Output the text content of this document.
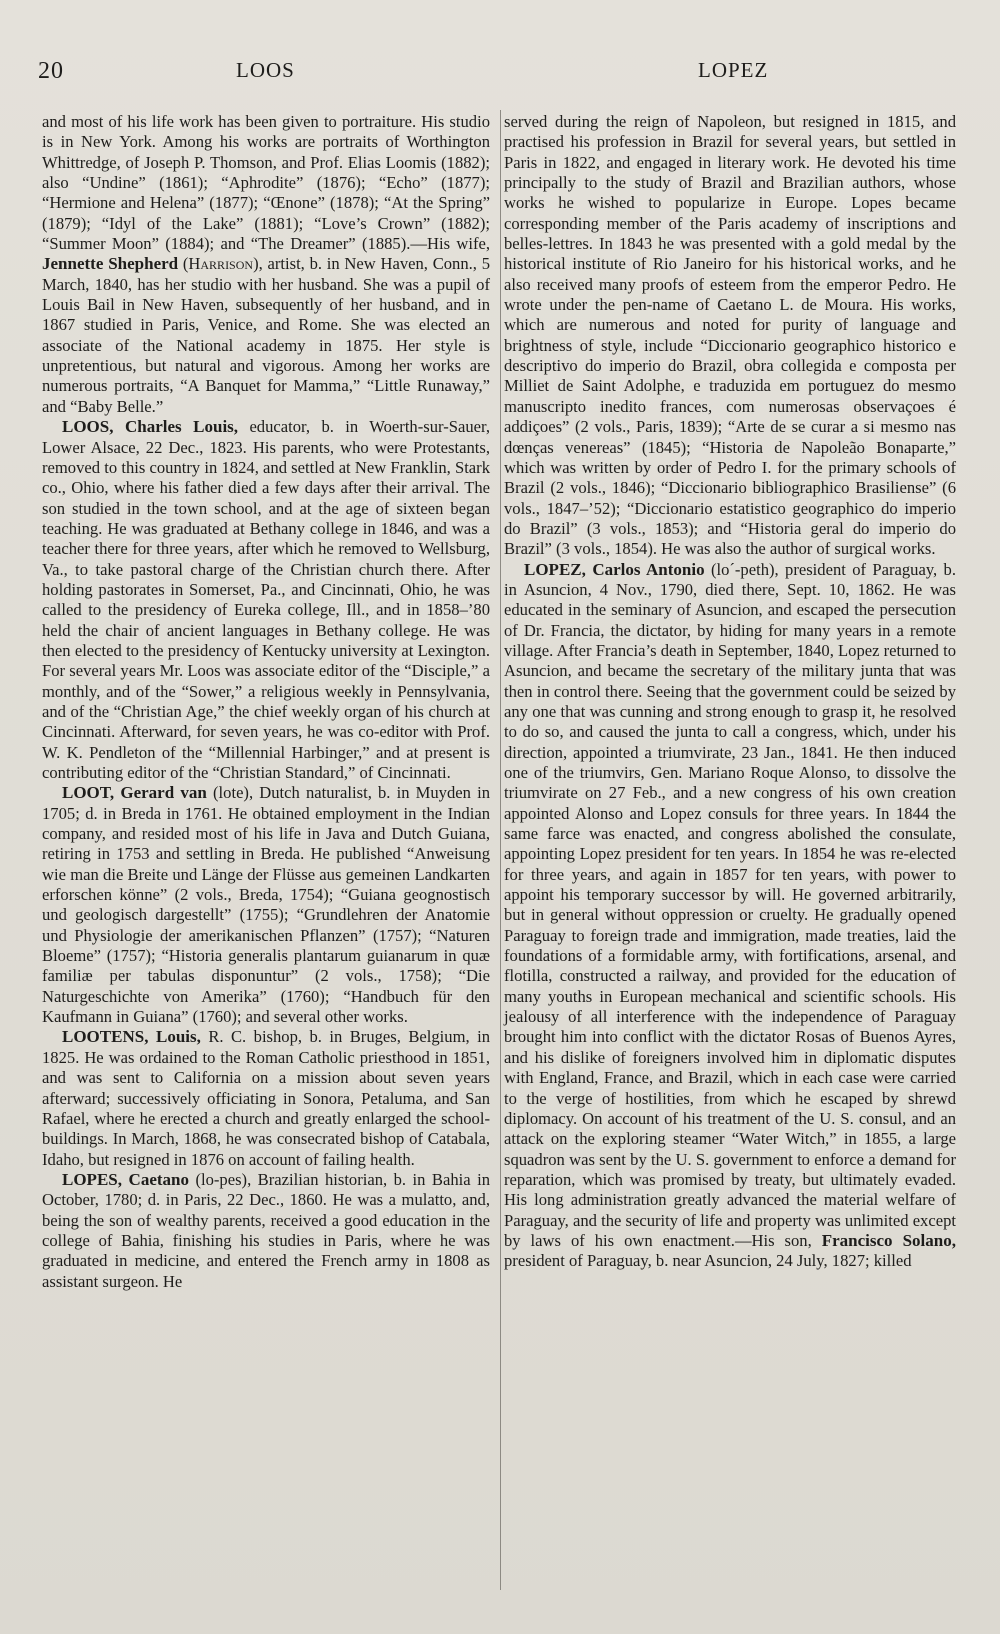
20	LOOS	LOPEZ

and most of his life work has been given to portraiture. His studio is in New York. Among his works are portraits of Worthington Whittredge, of Joseph P. Thomson, and Prof. Elias Loomis (1882); also “Undine” (1861); “Aphrodite” (1876); “Echo” (1877); “Hermione and Helena” (1877); “Œnone” (1878); “At the Spring” (1879); “Idyl of the Lake” (1881); “Love’s Crown” (1882); “Summer Moon” (1884); and “The Dreamer” (1885).—His wife, Jennette Shepherd (Harrison), artist, b. in New Haven, Conn., 5 March, 1840, has her studio with her husband. She was a pupil of Louis Bail in New Haven, subsequently of her husband, and in 1867 studied in Paris, Venice, and Rome. She was elected an associate of the National academy in 1875. Her style is unpretentious, but natural and vigorous. Among her works are numerous portraits, “A Banquet for Mamma,” “Little Runaway,” and “Baby Belle.”

LOOS, Charles Louis, educator, b. in Woerth-sur-Sauer, Lower Alsace, 22 Dec., 1823. His parents, who were Protestants, removed to this country in 1824, and settled at New Franklin, Stark co., Ohio, where his father died a few days after their arrival. The son studied in the town school, and at the age of sixteen began teaching. He was graduated at Bethany college in 1846, and was a teacher there for three years, after which he removed to Wellsburg, Va., to take pastoral charge of the Christian church there. After holding pastorates in Somerset, Pa., and Cincinnati, Ohio, he was called to the presidency of Eureka college, Ill., and in 1858–’80 held the chair of ancient languages in Bethany college. He was then elected to the presidency of Kentucky university at Lexington. For several years Mr. Loos was associate editor of the “Disciple,” a monthly, and of the “Sower,” a religious weekly in Pennsylvania, and of the “Christian Age,” the chief weekly organ of his church at Cincinnati. Afterward, for seven years, he was co-editor with Prof. W. K. Pendleton of the “Millennial Harbinger,” and at present is contributing editor of the “Christian Standard,” of Cincinnati.

LOOT, Gerard van (lote), Dutch naturalist, b. in Muyden in 1705; d. in Breda in 1761. He obtained employment in the Indian company, and resided most of his life in Java and Dutch Guiana, retiring in 1753 and settling in Breda. He published “Anweisung wie man die Breite und Länge der Flüsse aus gemeinen Landkarten erforschen könne” (2 vols., Breda, 1754); “Guiana geognostisch und geologisch dargestellt” (1755); “Grundlehren der Anatomie und Physiologie der amerikanischen Pflanzen” (1757); “Naturen Bloeme” (1757); “Historia generalis plantarum guianarum in quæ familiæ per tabulas disponuntur” (2 vols., 1758); “Die Naturgeschichte von Amerika” (1760); “Handbuch für den Kaufmann in Guiana” (1760); and several other works.

LOOTENS, Louis, R. C. bishop, b. in Bruges, Belgium, in 1825. He was ordained to the Roman Catholic priesthood in 1851, and was sent to California on a mission about seven years afterward; successively officiating in Sonora, Petaluma, and San Rafael, where he erected a church and greatly enlarged the school-buildings. In March, 1868, he was consecrated bishop of Catabala, Idaho, but resigned in 1876 on account of failing health.

LOPES, Caetano (lo-pes), Brazilian historian, b. in Bahia in October, 1780; d. in Paris, 22 Dec., 1860. He was a mulatto, and, being the son of wealthy parents, received a good education in the college of Bahia, finishing his studies in Paris, where he was graduated in medicine, and entered the French army in 1808 as assistant surgeon. He

served during the reign of Napoleon, but resigned in 1815, and practised his profession in Brazil for several years, but settled in Paris in 1822, and engaged in literary work. He devoted his time principally to the study of Brazil and Brazilian authors, whose works he wished to popularize in Europe. Lopes became corresponding member of the Paris academy of inscriptions and belles-lettres. In 1843 he was presented with a gold medal by the historical institute of Rio Janeiro for his historical works, and he also received many proofs of esteem from the emperor Pedro. He wrote under the pen-name of Caetano L. de Moura. His works, which are numerous and noted for purity of language and brightness of style, include “Diccionario geographico historico e descriptivo do imperio do Brazil, obra collegida e composta per Milliet de Saint Adolphe, e traduzida em portuguez do mesmo manuscripto inedito frances, com numerosas observaçoes é addiçoes” (2 vols., Paris, 1839); “Arte de se curar a si mesmo nas dœnças venereas” (1845); “Historia de Napoleão Bonaparte,” which was written by order of Pedro I. for the primary schools of Brazil (2 vols., 1846); “Diccionario bibliographico Brasiliense” (6 vols., 1847–’52); “Diccionario estatistico geographico do imperio do Brazil” (3 vols., 1853); and “Historia geral do imperio do Brazil” (3 vols., 1854). He was also the author of surgical works.

LOPEZ, Carlos Antonio (lo´-peth), president of Paraguay, b. in Asuncion, 4 Nov., 1790, died there, Sept. 10, 1862. He was educated in the seminary of Asuncion, and escaped the persecution of Dr. Francia, the dictator, by hiding for many years in a remote village. After Francia’s death in September, 1840, Lopez returned to Asuncion, and became the secretary of the military junta that was then in control there. Seeing that the government could be seized by any one that was cunning and strong enough to grasp it, he resolved to do so, and caused the junta to call a congress, which, under his direction, appointed a triumvirate, 23 Jan., 1841. He then induced one of the triumvirs, Gen. Mariano Roque Alonso, to dissolve the triumvirate on 27 Feb., and a new congress of his own creation appointed Alonso and Lopez consuls for three years. In 1844 the same farce was enacted, and congress abolished the consulate, appointing Lopez president for ten years. In 1854 he was re-elected for three years, and again in 1857 for ten years, with power to appoint his temporary successor by will. He governed arbitrarily, but in general without oppression or cruelty. He gradually opened Paraguay to foreign trade and immigration, made treaties, laid the foundations of a formidable army, with fortifications, arsenal, and flotilla, constructed a railway, and provided for the education of many youths in European mechanical and scientific schools. His jealousy of all interference with the independence of Paraguay brought him into conflict with the dictator Rosas of Buenos Ayres, and his dislike of foreigners involved him in diplomatic disputes with England, France, and Brazil, which in each case were carried to the verge of hostilities, from which he escaped by shrewd diplomacy. On account of his treatment of the U. S. consul, and an attack on the exploring steamer “Water Witch,” in 1855, a large squadron was sent by the U. S. government to enforce a demand for reparation, which was promised by treaty, but ultimately evaded. His long administration greatly advanced the material welfare of Paraguay, and the security of life and property was unlimited except by laws of his own enactment.—His son, Francisco Solano, president of Paraguay, b. near Asuncion, 24 July, 1827; killed
